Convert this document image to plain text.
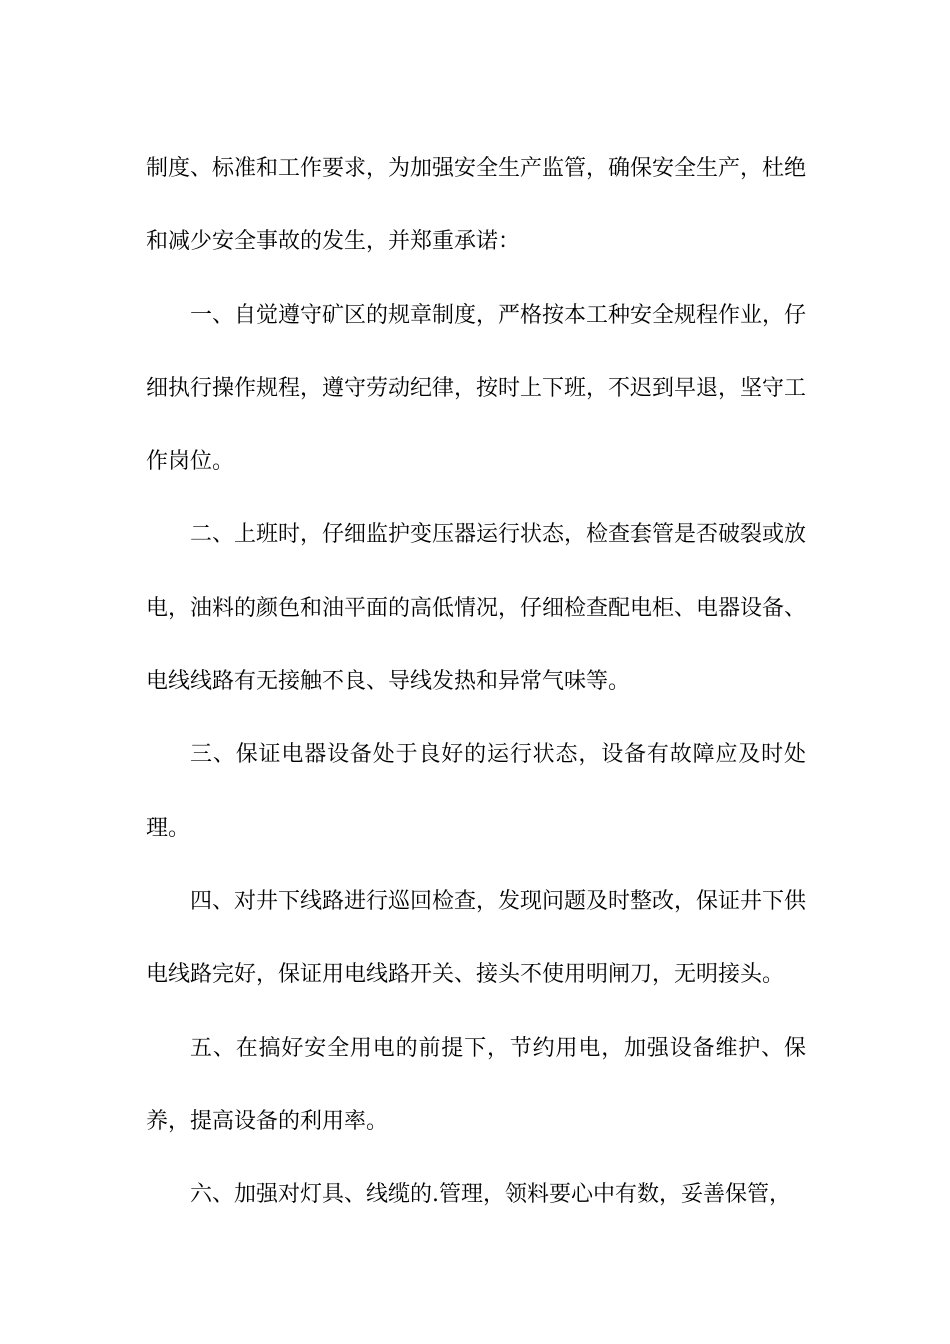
制度、标准和工作要求，为加强安全生产监管，确保安全生产，杜绝和减少安全事故的发生，并郑重承诺：

一、自觉遵守矿区的规章制度，严格按本工种安全规程作业，仔细执行操作规程，遵守劳动纪律，按时上下班，不迟到早退，坚守工作岗位。

二、上班时，仔细监护变压器运行状态，检查套管是否破裂或放电，油料的颜色和油平面的高低情况，仔细检查配电柜、电器设备、电线线路有无接触不良、导线发热和异常气味等。

三、保证电器设备处于良好的运行状态，设备有故障应及时处理。

四、对井下线路进行巡回检查，发现问题及时整改，保证井下供电线路完好，保证用电线路开关、接头不使用明闸刀，无明接头。

五、在搞好安全用电的前提下，节约用电，加强设备维护、保养，提高设备的利用率。

六、加强对灯具、线缆的.管理，领料要心中有数，妥善保管，
